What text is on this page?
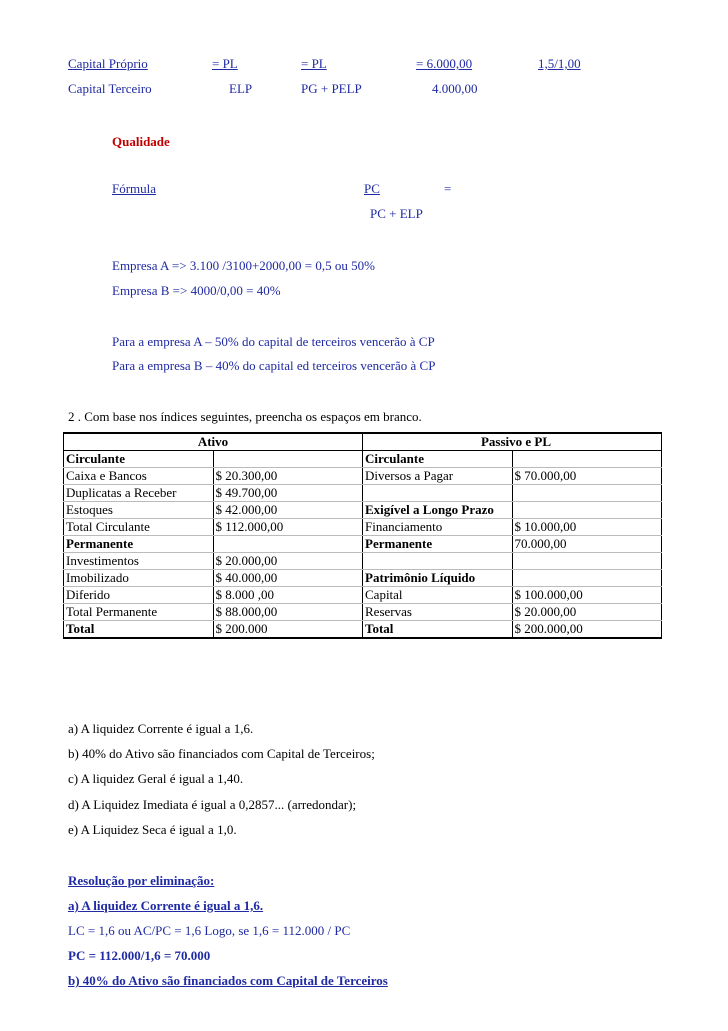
Capital Próprio	= PL	= PL	= 6.000,00	1,5/1,00
Capital Terceiro	ELP	PG + PELP	4.000,00
Qualidade
Fórmula	PC	=
PC + ELP
Empresa A => 3.100 /3100+2000,00 = 0,5 ou 50%
Empresa B => 4000/0,00 = 40%
Para a empresa A – 50% do capital de terceiros vencerão à CP
Para a empresa B – 40% do capital ed terceiros vencerão à CP
2 . Com base nos índices seguintes, preencha os espaços em branco.
Ativo		Passivo e PL	
Circulante		Circulante	
Caixa e Bancos	$ 20.300,00	Diversos a Pagar	$ 70.000,00
Duplicatas a Receber	$ 49.700,00		
Estoques	$ 42.000,00	Exigível a Longo Prazo	
Total Circulante	$ 112.000,00	Financiamento	$ 10.000,00
Permanente		Permanente	70.000,00
Investimentos	$ 20.000,00		
Imobilizado	$ 40.000,00	Patrimônio Líquido	
Diferido	$ 8.000 ,00	Capital	$ 100.000,00
Total Permanente	$ 88.000,00	Reservas	$ 20.000,00
Total	$ 200.000	Total	$ 200.000,00
a) A liquidez Corrente é igual a 1,6.
b) 40% do Ativo são financiados com Capital de Terceiros;
c) A liquidez Geral é igual a 1,40.
d) A Liquidez Imediata é igual a 0,2857... (arredondar);
e) A Liquidez Seca é igual a 1,0.
Resolução por eliminação:
a) A liquidez Corrente é igual a 1,6.
LC = 1,6 ou AC/PC = 1,6 Logo, se 1,6 = 112.000 / PC
PC = 112.000/1,6 = 70.000
b) 40% do Ativo são financiados com Capital de Terceiros
